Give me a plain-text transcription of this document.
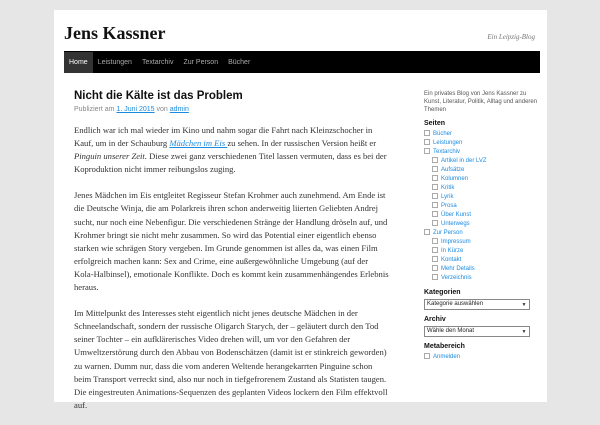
Jens Kassner	Ein Leipzig-Blog
Home	Leistungen	Textarchiv	Zur Person	Bücher
Nicht die Kälte ist das Problem
Publiziert am 1. Juni 2015 von admin

Endlich war ich mal wieder im Kino und nahm sogar die Fahrt nach Kleinzschocher in Kauf, um in der Schauburg Mädchen im Eis zu sehen. In der russischen Version heißt er Pinguin unserer Zeit. Diese zwei ganz verschiedenen Titel lassen vermuten, dass es bei der Koproduktion nicht immer reibungslos zuging.

Jenes Mädchen im Eis entgleitet Regisseur Stefan Krohmer auch zunehmend. Am Ende ist die Deutsche Winja, die am Polarkreis ihren schon anderweitig liierten Geliebten Andrej sucht, nur noch eine Nebenfigur. Die verschiedenen Stränge der Handlung dröseln auf, und Krohmer bringt sie nicht mehr zusammen. So wird das Potential einer eigentlich ebenso starken wie schrägen Story vergeben. Im Grunde genommen ist alles da, was einen Film erfolgreich machen kann: Sex and Crime, eine außergewöhnliche Umgebung (auf der Kola-Halbinsel), emotionale Konflikte. Doch es kommt kein zusammenhängendes Erlebnis heraus.

Im Mittelpunkt des Interesses steht eigentlich nicht jenes deutsche Mädchen in der Schneelandschaft, sondern der russische Oligarch Starych, der – geläutert durch den Tod seiner Tochter – ein aufklärerisches Video drehen will, um vor den Gefahren der Umweltzerstörung durch den Abbau von Bodenschätzen (damit ist er stinkreich geworden) zu warnen. Dumm nur, dass die vom anderen Weltende herangekarrten Pinguine schon beim Transport verreckt sind, also nur noch in tiefgefrorenem Zustand als Statisten taugen. Die eingestreuten Animations-Sequenzen des geplanten Videos lockern den Film effektvoll auf.

Ein privates Blog von Jens Kassner zu Kunst, Literatur, Politik, Alltag und anderen Themen
Seiten
Bücher
Leistungen
Textarchiv
Artikel in der LVZ
Aufsätze
Kolumnen
Kritik
Lyrik
Prosa
Über Kunst
Unterwegs
Zur Person
Impressum
In Kürze
Kontakt
Mehr Details
Verzeichnis
Kategorien
Kategorie auswählen	▼
Archiv
Wähle den Monat	▼
Metabereich
Anmelden
